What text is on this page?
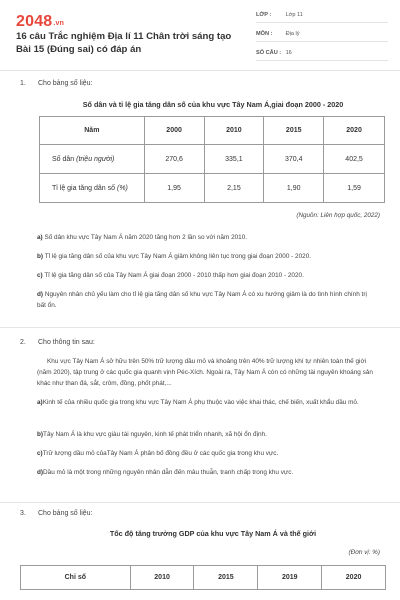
2048.vn
16 câu Trắc nghiệm Địa lí 11 Chân trời sáng tạo Bài 15 (Đúng sai) có đáp án
LỚP :	Lớp 11
MÔN : Địa lý
SỐ CÂU : 16
1. Cho bảng số liệu:
Số dân và tỉ lệ gia tăng dân số của khu vực Tây Nam Á,giai đoạn 2000 - 2020
Năm	2000	2010	2015	2020
Số dân (triệu người)	270,6	335,1	370,4	402,5
Tỉ lệ gia tăng dân số (%)	1,95	2,15	1,90	1,59
(Nguồn: Liên hợp quốc, 2022)
a) Số dân khu vực Tây Nam Á năm 2020 tăng hơn 2 lần so với năm 2010.
b) Tỉ lệ gia tăng dân số của khu vực Tây Nam Á giảm không liên tục trong giai đoạn 2000 - 2020.
c) Tỉ lệ gia tăng dân số của Tây Nam Á giai đoạn 2000 - 2010 thấp hơn giai đoạn 2010 - 2020.
d) Nguyên nhân chủ yếu làm cho tỉ lệ gia tăng dân số khu vực Tây Nam Á có xu hướng giảm là do tình hình chính trị bất ổn.
2. Cho thông tin sau:
Khu vực Tây Nam Á sở hữu trên 50% trữ lượng dầu mỏ và khoảng trên 40% trữ lượng khí tự nhiên toàn thế giới (năm 2020), tập trung ở các quốc gia quanh vịnh Péc-Xích. Ngoài ra, Tây Nam Á còn có những tài nguyên khoáng sản khác như than đá, sắt, crôm, đồng, phốt phát,...
a)Kinh tế của nhiều quốc gia trong khu vực Tây Nam Á phụ thuộc vào việc khai thác, chế biến, xuất khẩu dầu mỏ.
b)Tây Nam Á là khu vực giàu tài nguyên, kinh tế phát triển nhanh, xã hội ổn định.
c)Trữ lượng dầu mỏ củaTây Nam Á phân bố đồng đều ở các quốc gia trong khu vực.
d)Dầu mỏ là một trong những nguyên nhân dẫn đến mâu thuẫn, tranh chấp trong khu vực.
3. Cho bảng số liệu:
Tốc độ tăng trưởng GDP của khu vực Tây Nam Á và thế giới
(Đơn vị: %)
Chỉ số	2010	2015	2019	2020
